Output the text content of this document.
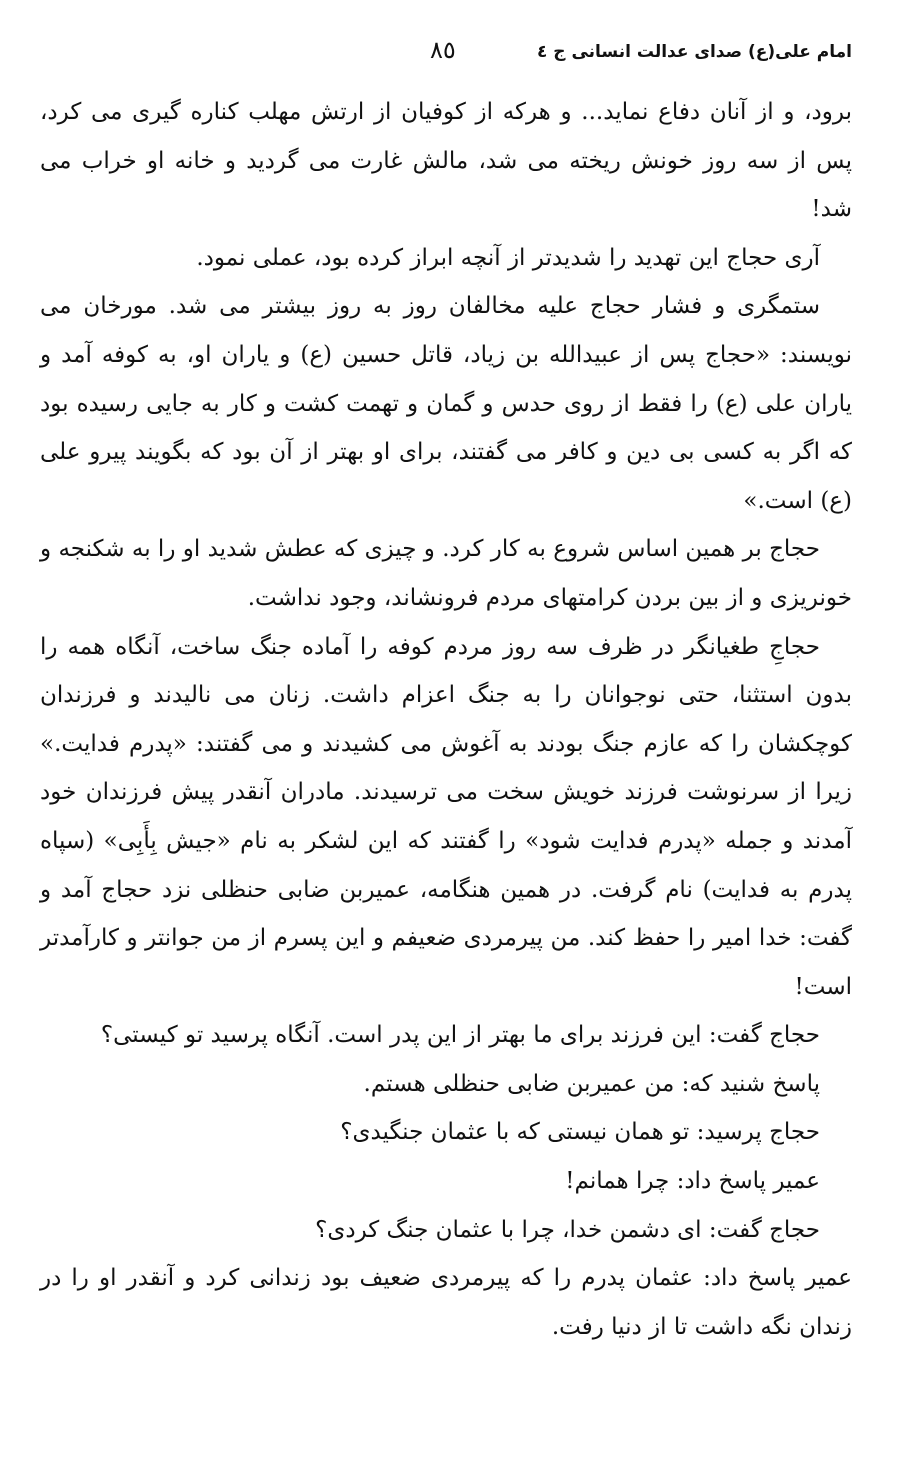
امام علی(ع) صدای عدالت انسانی ج ٤
٨٥

برود، و از آنان دفاع نماید... و هرکه از کوفیان از ارتش مهلب کناره گیری می کرد، پس از سه روز خونش ریخته می شد، مالش غارت می گردید و خانه او خراب می شد!

آری حجاج این تهدید را شدیدتر از آنچه ابراز کرده بود، عملی نمود.

ستمگری و فشار حجاج علیه مخالفان روز به روز بیشتر می شد. مورخان می نویسند: «حجاج پس از عبیدالله بن زیاد، قاتل حسین (ع) و یاران او، به کوفه آمد و یاران علی (ع) را فقط از روی حدس و گمان و تهمت کشت و کار به جایی رسیده بود که اگر به کسی بی دین و کافر می گفتند، برای او بهتر از آن بود که بگویند پیرو علی (ع) است.»

حجاج بر همین اساس شروع به کار کرد. و چیزی که عطش شدید او را به شکنجه و خونریزی و از بین بردن کرامتهای مردم فرونشاند، وجود نداشت.

حجاجِ طغیانگر در ظرف سه روز مردم کوفه را آماده جنگ ساخت، آنگاه همه را بدون استثنا، حتی نوجوانان را به جنگ اعزام داشت. زنان می نالیدند و فرزندان کوچکشان را که عازم جنگ بودند به آغوش می کشیدند و می گفتند: «پدرم فدایت.» زیرا از سرنوشت فرزند خویش سخت می ترسیدند. مادران آنقدر پیش فرزندان خود آمدند و جمله «پدرم فدایت شود» را گفتند که این لشکر به نام «جیش بِأَبِی» (سپاه پدرم به فدایت) نام گرفت. در همین هنگامه، عمیربن ضابی حنظلی نزد حجاج آمد و گفت: خدا امیر را حفظ کند. من پیرمردی ضعیفم و این پسرم از من جوانتر و کارآمدتر است!

حجاج گفت: این فرزند برای ما بهتر از این پدر است. آنگاه پرسید تو کیستی؟

پاسخ شنید که: من عمیربن ضابی حنظلی هستم.

حجاج پرسید: تو همان نیستی که با عثمان جنگیدی؟

عمیر پاسخ داد: چرا همانم!

حجاج گفت: ای دشمن خدا، چرا با عثمان جنگ کردی؟

عمیر پاسخ داد: عثمان پدرم را که پیرمردی ضعیف بود زندانی کرد و آنقدر او را در زندان نگه داشت تا از دنیا رفت.
